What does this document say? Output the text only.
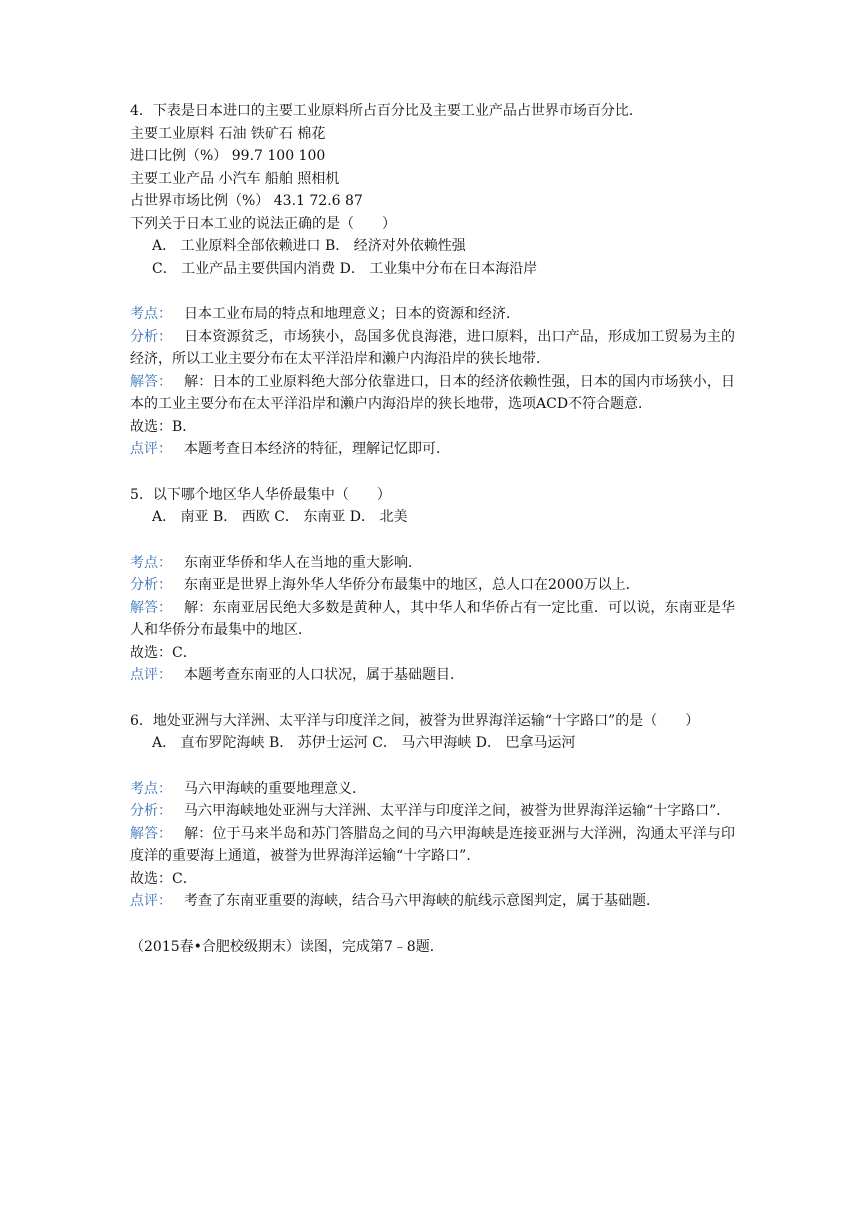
4．下表是日本进口的主要工业原料所占百分比及主要工业产品占世界市场百分比．
主要工业原料 石油 铁矿石 棉花
进口比例（%） 99.7 100 100
主要工业产品 小汽车 船舶 照相机
占世界市场比例（%） 43.1 72.6 87
下列关于日本工业的说法正确的是（　　）
A． 工业原料全部依赖进口 B． 经济对外依赖性强
C． 工业产品主要供国内消费 D． 工业集中分布在日本海沿岸
考点： 日本工业布局的特点和地理意义；日本的资源和经济．
分析： 日本资源贫乏，市场狭小，岛国多优良海港，进口原料，出口产品，形成加工贸易为主的经济，所以工业主要分布在太平洋沿岸和濑户内海沿岸的狭长地带．
解答： 解：日本的工业原料绝大部分依靠进口，日本的经济依赖性强，日本的国内市场狭小，日本的工业主要分布在太平洋沿岸和濑户内海沿岸的狭长地带，选项ACD不符合题意．
故选：B．
点评： 本题考查日本经济的特征，理解记忆即可．
5．以下哪个地区华人华侨最集中（　　）
A． 南亚 B． 西欧 C． 东南亚 D． 北美
考点： 东南亚华侨和华人在当地的重大影响．
分析： 东南亚是世界上海外华人华侨分布最集中的地区，总人口在2000万以上．
解答： 解：东南亚居民绝大多数是黄种人，其中华人和华侨占有一定比重．可以说，东南亚是华人和华侨分布最集中的地区．
故选：C．
点评： 本题考查东南亚的人口状况，属于基础题目．
6．地处亚洲与大洋洲、太平洋与印度洋之间，被誉为世界海洋运输“十字路口”的是（　　）
A． 直布罗陀海峡 B． 苏伊士运河 C． 马六甲海峡 D． 巴拿马运河
考点： 马六甲海峡的重要地理意义．
分析： 马六甲海峡地处亚洲与大洋洲、太平洋与印度洋之间，被誉为世界海洋运输“十字路口”．
解答： 解：位于马来半岛和苏门答腊岛之间的马六甲海峡是连接亚洲与大洋洲，沟通太平洋与印度洋的重要海上通道，被誉为世界海洋运输“十字路口”．
故选：C．
点评： 考查了东南亚重要的海峡，结合马六甲海峡的航线示意图判定，属于基础题．
（2015春•合肥校级期末）读图，完成第7﹣8题．
